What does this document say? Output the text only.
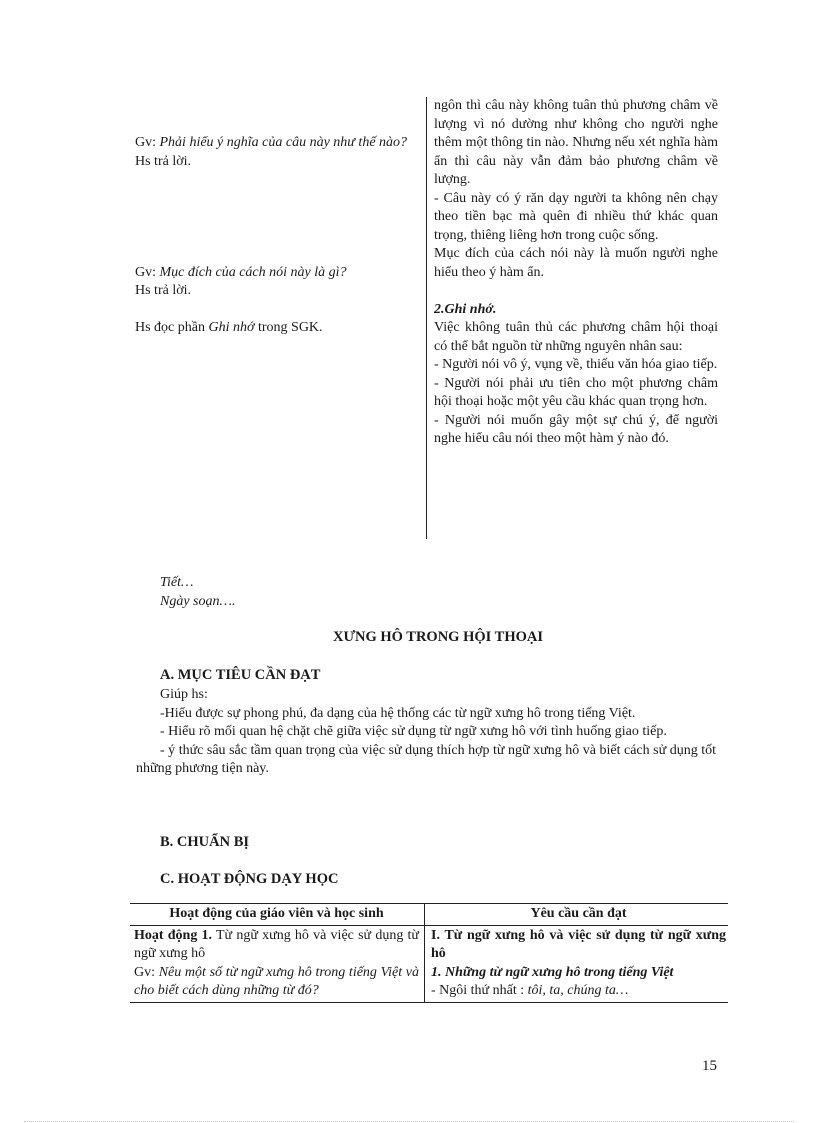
Gv: Phải hiểu ý nghĩa của câu này như thế nào?
Hs trả lời.
Gv: Mục đích của cách nói này là gì?
Hs trả lời.
Hs đọc phần Ghi nhớ trong SGK.
ngôn thì câu này không tuân thủ phương châm về lượng vì nó dường như không cho người nghe thêm một thông tin nào. Nhưng nếu xét nghĩa hàm ẩn thì câu này vẫn đảm bảo phương châm về lượng.
- Câu này có ý răn dạy người ta không nên chạy theo tiền bạc mà quên đi nhiều thứ khác quan trọng, thiêng liêng hơn trong cuộc sống.
Mục đích của cách nói này là muốn người nghe hiểu theo ý hàm ẩn.
2.Ghi nhớ.
Việc không tuân thủ các phương châm hội thoại có thể bắt nguồn từ những nguyên nhân sau:
- Người nói vô ý, vụng về, thiếu văn hóa giao tiếp.
- Người nói phải ưu tiên cho một phương châm hội thoại hoặc một yêu cầu khác quan trọng hơn.
- Người nói muốn gây một sự chú ý, để người nghe hiểu câu nói theo một hàm ý nào đó.
Tiết…
Ngày soạn….
XƯNG HÔ TRONG HỘI THOẠI
A. MỤC TIÊU CẦN ĐẠT

Giúp hs:

-Hiểu được sự phong phú, đa dạng của hệ thống các từ ngữ xưng hô trong tiếng Việt.

- Hiểu rõ mối quan hệ chặt chẽ giữa việc sử dụng từ ngữ xưng hô với tình huống giao tiếp.

- ý thức sâu sắc tầm quan trọng của việc sử dụng thích hợp từ ngữ xưng hô và biết cách sử dụng tốt những phương tiện này.

B. CHUẨN BỊ
C. HOẠT ĐỘNG DẠY HỌC
Hoạt động của giáo viên và học sinh	Yêu cầu cần đạt
Hoạt động 1. Từ ngữ xưng hô và việc sử dụng từ ngữ xưng hô
Gv: Nêu một số từ ngữ xưng hô trong tiếng Việt và cho biết cách dùng những từ đó?
I. Từ ngữ xưng hô và việc sử dụng từ ngữ xưng hô
1. Những từ ngữ xưng hô trong tiếng Việt
- Ngôi thứ nhất : tôi, ta, chúng ta…
15
